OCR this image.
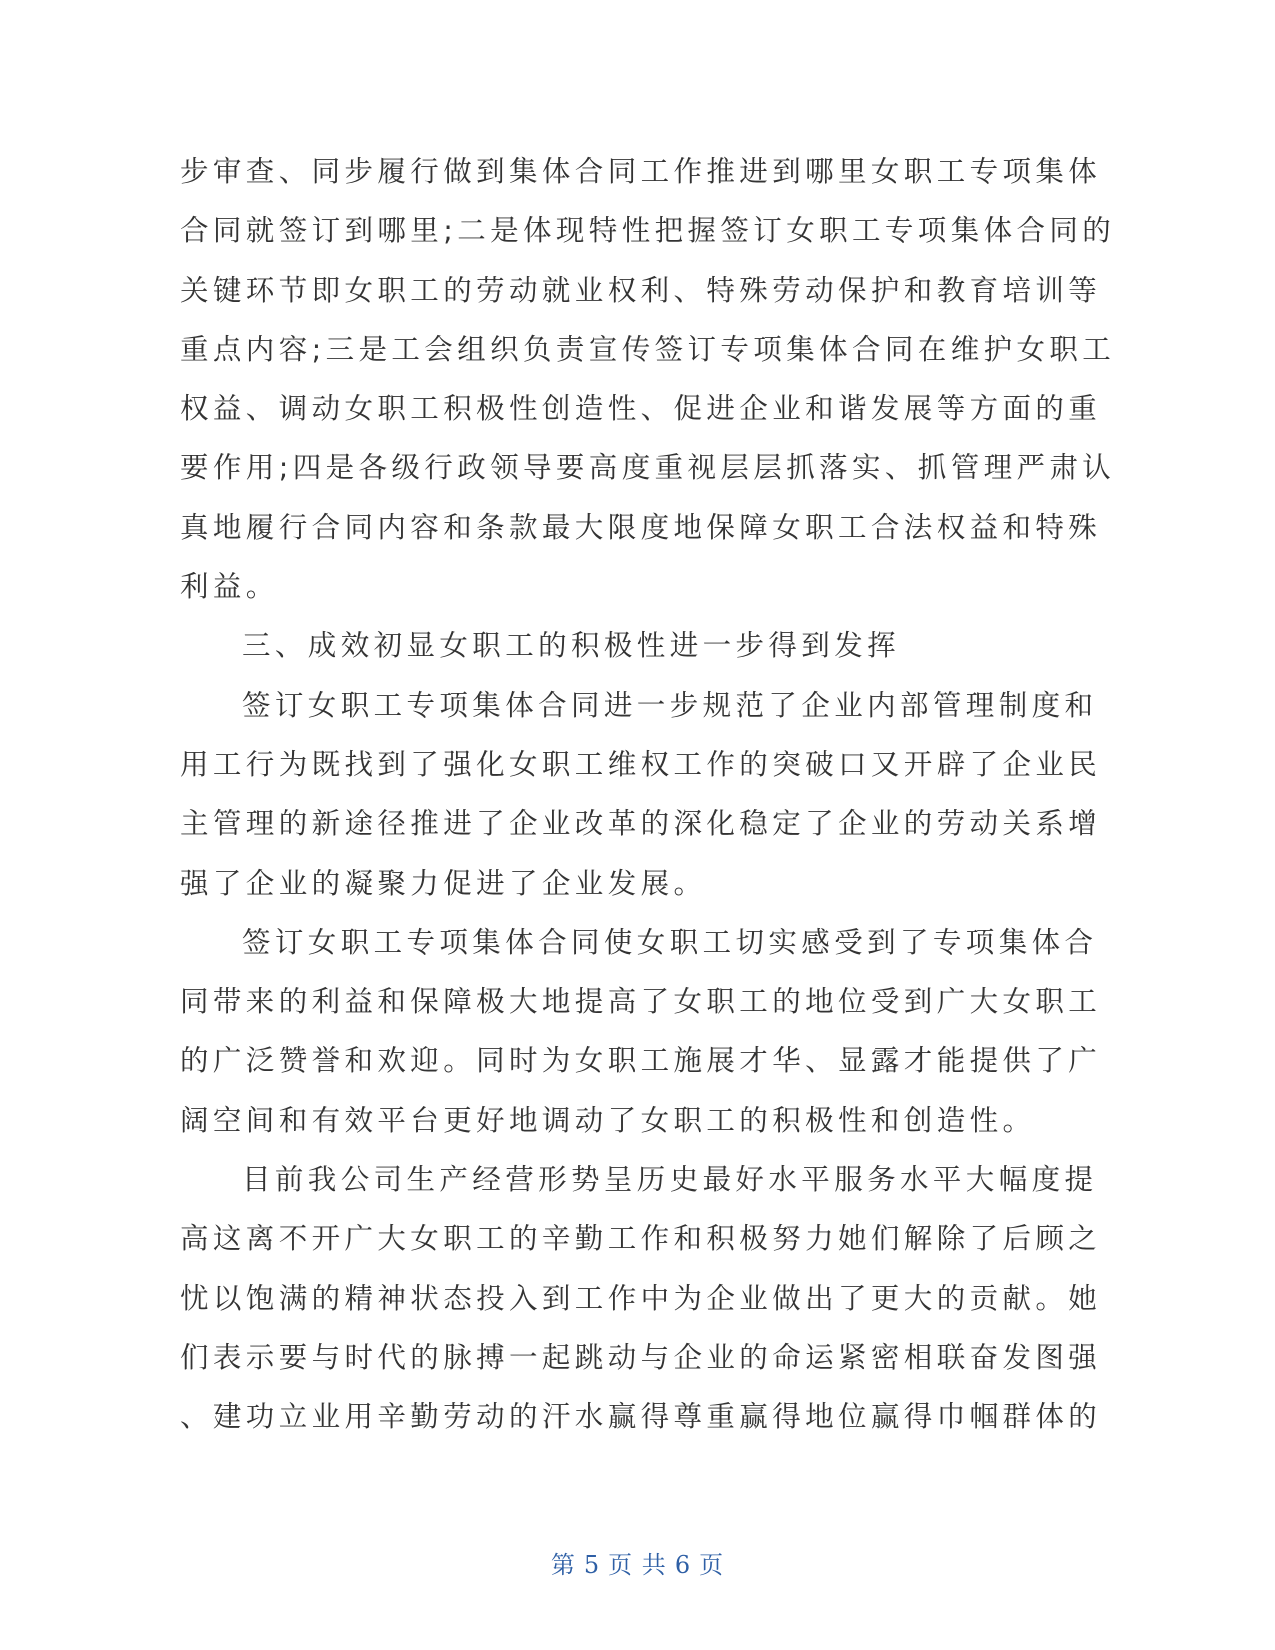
步审查、同步履行做到集体合同工作推进到哪里女职工专项集体
合同就签订到哪里;二是体现特性把握签订女职工专项集体合同的
关键环节即女职工的劳动就业权利、特殊劳动保护和教育培训等
重点内容;三是工会组织负责宣传签订专项集体合同在维护女职工
权益、调动女职工积极性创造性、促进企业和谐发展等方面的重
要作用;四是各级行政领导要高度重视层层抓落实、抓管理严肃认
真地履行合同内容和条款最大限度地保障女职工合法权益和特殊
利益。
三、成效初显女职工的积极性进一步得到发挥
签订女职工专项集体合同进一步规范了企业内部管理制度和
用工行为既找到了强化女职工维权工作的突破口又开辟了企业民
主管理的新途径推进了企业改革的深化稳定了企业的劳动关系增
强了企业的凝聚力促进了企业发展。
签订女职工专项集体合同使女职工切实感受到了专项集体合
同带来的利益和保障极大地提高了女职工的地位受到广大女职工
的广泛赞誉和欢迎。同时为女职工施展才华、显露才能提供了广
阔空间和有效平台更好地调动了女职工的积极性和创造性。
目前我公司生产经营形势呈历史最好水平服务水平大幅度提
高这离不开广大女职工的辛勤工作和积极努力她们解除了后顾之
忧以饱满的精神状态投入到工作中为企业做出了更大的贡献。她
们表示要与时代的脉搏一起跳动与企业的命运紧密相联奋发图强
、建功立业用辛勤劳动的汗水赢得尊重赢得地位赢得巾帼群体的
第 5 页 共 6 页
